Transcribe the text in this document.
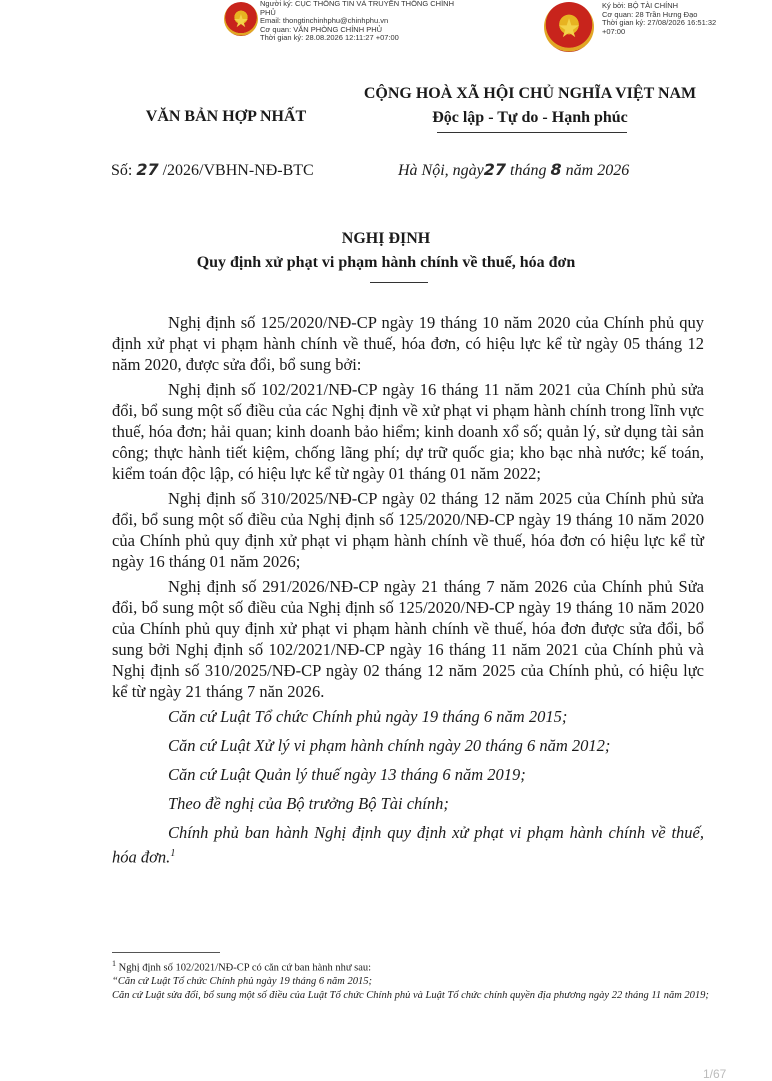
★
Người ký: CỤC THÔNG TIN VÀ TRUYỀN THÔNG CHÍNH PHỦ
Email: thongtinchinhphu@chinhphu.vn
Cơ quan: VĂN PHÒNG CHÍNH PHỦ
Thời gian ký: 28.08.2026 12:11:27 +07:00	★
Ký bởi: BỘ TÀI CHÍNH
Cơ quan: 28 Trần Hưng Đạo
Thời gian ký: 27/08/2026 16:51:32
+07:00
VĂN BẢN HỢP NHẤT
CỘNG HOÀ XÃ HỘI CHỦ NGHĨA VIỆT NAM
Độc lập - Tự do - Hạnh phúc
Số: 27 /2026/VBHN-NĐ-BTC	Hà Nội, ngày27 tháng 8 năm 2026
NGHỊ ĐỊNH
Quy định xử phạt vi phạm hành chính về thuế, hóa đơn

Nghị định số 125/2020/NĐ-CP ngày 19 tháng 10 năm 2020 của Chính phủ quy định xử phạt vi phạm hành chính về thuế, hóa đơn, có hiệu lực kể từ ngày 05 tháng 12 năm 2020, được sửa đổi, bổ sung bởi:

Nghị định số 102/2021/NĐ-CP ngày 16 tháng 11 năm 2021 của Chính phủ sửa đổi, bổ sung một số điều của các Nghị định về xử phạt vi phạm hành chính trong lĩnh vực thuế, hóa đơn; hải quan; kinh doanh bảo hiểm; kinh doanh xổ số; quản lý, sử dụng tài sản công; thực hành tiết kiệm, chống lãng phí; dự trữ quốc gia; kho bạc nhà nước; kế toán, kiểm toán độc lập, có hiệu lực kể từ ngày 01 tháng 01 năm 2022;

Nghị định số 310/2025/NĐ-CP ngày 02 tháng 12 năm 2025 của Chính phủ sửa đổi, bổ sung một số điều của Nghị định số 125/2020/NĐ-CP ngày 19 tháng 10 năm 2020 của Chính phủ quy định xử phạt vi phạm hành chính về thuế, hóa đơn có hiệu lực kể từ ngày 16 tháng 01 năm 2026;

Nghị định số 291/2026/NĐ-CP ngày 21 tháng 7 năm 2026 của Chính phủ Sửa đổi, bổ sung một số điều của Nghị định số 125/2020/NĐ-CP ngày 19 tháng 10 năm 2020 của Chính phủ quy định xử phạt vi phạm hành chính về thuế, hóa đơn được sửa đổi, bổ sung bởi Nghị định số 102/2021/NĐ-CP ngày 16 tháng 11 năm 2021 của Chính phủ và Nghị định số 310/2025/NĐ-CP ngày 02 tháng 12 năm 2025 của Chính phủ, có hiệu lực kể từ ngày 21 tháng 7 năn 2026.

Căn cứ Luật Tổ chức Chính phủ ngày 19 tháng 6 năm 2015;

Căn cứ Luật Xử lý vi phạm hành chính ngày 20 tháng 6 năm 2012;

Căn cứ Luật Quản lý thuế ngày 13 tháng 6 năm 2019;

Theo đề nghị của Bộ trưởng Bộ Tài chính;

Chính phủ ban hành Nghị định quy định xử phạt vi phạm hành chính về thuế, hóa đơn.$^1$

$^1$ Nghị định số 102/2021/NĐ-CP có căn cứ ban hành như sau:

“Căn cứ Luật Tổ chức Chính phủ ngày 19 tháng 6 năm 2015;

Căn cứ Luật sửa đổi, bổ sung một số điều của Luật Tổ chức Chính phủ và Luật Tổ chức chính quyền địa phương ngày 22 tháng 11 năm 2019;

1/67
